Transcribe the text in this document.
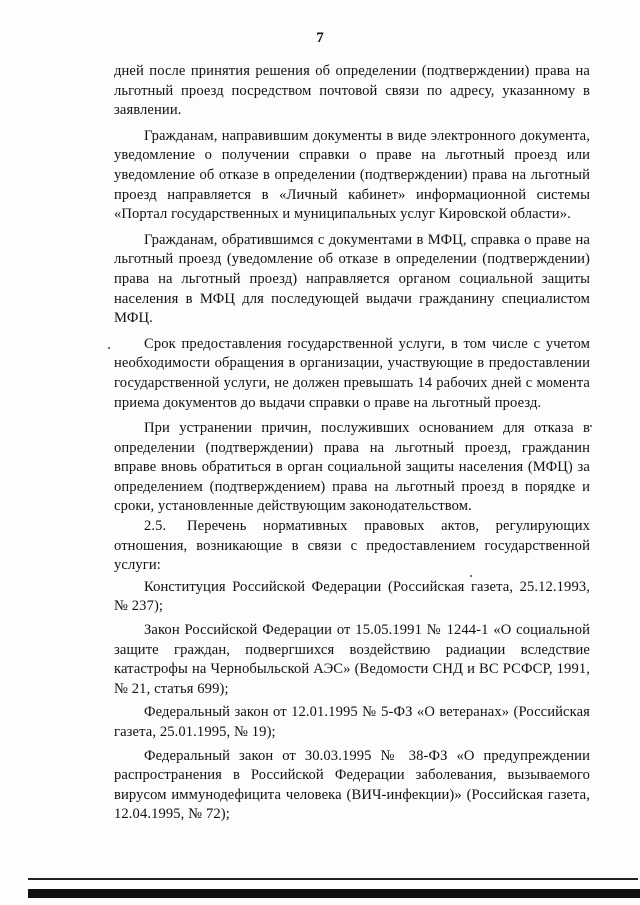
7

дней после принятия решения об определении (подтверждении) права на льготный проезд посредством почтовой связи по адресу, указанному в заявлении.

Гражданам, направившим документы в виде электронного документа, уведомление о получении справки о праве на льготный проезд или уведомление об отказе в определении (подтверждении) права на льготный проезд направляется в «Личный кабинет» информационной системы «Портал государственных и муниципальных услуг Кировской области».

Гражданам, обратившимся с документами в МФЦ, справка о праве на льготный проезд (уведомление об отказе в определении (подтверждении) права на льготный проезд) направляется органом социальной защиты населения в МФЦ для последующей выдачи гражданину специалистом МФЦ.

Срок предоставления государственной услуги, в том числе с учетом необходимости обращения в организации, участвующие в предоставлении государственной услуги, не должен превышать 14 рабочих дней с момента приема документов до выдачи справки о праве на льготный проезд.

При устранении причин, послуживших основанием для отказа в определении (подтверждении) права на льготный проезд, гражданин вправе вновь обратиться в орган социальной защиты населения (МФЦ) за определением (подтверждением) права на льготный проезд в порядке и сроки, установленные действующим законодательством.

2.5.     Перечень    нормативных    правовых    актов,    регулирующих отношения, возникающие в связи с предоставлением государственной услуги:

Конституция Российской Федерации (Российская газета, 25.12.1993, № 237);

Закон Российской Федерации от 15.05.1991 № 1244-1 «О социальной защите граждан, подвергшихся воздействию радиации вследствие катастрофы на Чернобыльской АЭС» (Ведомости СНД и ВС РСФСР, 1991, № 21, статья 699);

Федеральный закон от 12.01.1995 № 5-ФЗ «О ветеранах» (Российская газета, 25.01.1995, № 19);

Федеральный закон от 30.03.1995 № 38-ФЗ «О предупреждении распространения в Российской Федерации заболевания, вызываемого вирусом иммунодефицита человека (ВИЧ-инфекции)» (Российская газета, 12.04.1995, № 72);
